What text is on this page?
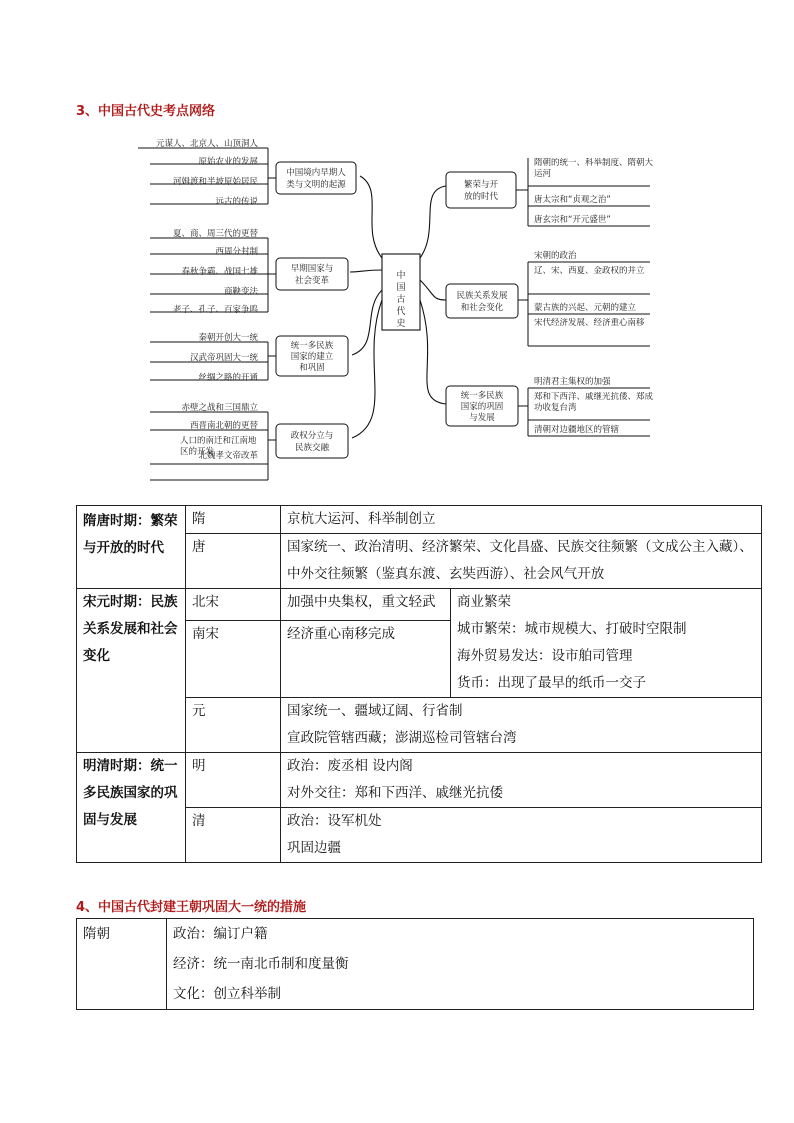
3、中国古代史考点网络
中国古代史
中国境内早期人
类与文明的起源
早期国家与
社会变革
统一多民族
国家的建立
和巩固
政权分立与
民族交融
元谋人、北京人、山顶洞人
原始农业的发展
河姆渡和半坡原始居民
远古的传说
夏、商、周三代的更替
西周分封制
春秋争霸、战国七雄
商鞅变法
老子、孔子、百家争鸣
秦朝开创大一统
汉武帝巩固大一统
丝绸之路的开通
赤壁之战和三国鼎立
西晋南北朝的更替
北魏孝文帝改革
人口的南迁和江南地区的开发
繁荣与开
放的时代
民族关系发展
和社会变化
统一多民族
国家的巩固
与发展
隋朝的统一、科举制度、隋朝大运河
唐太宗和“贞观之治”
唐玄宗和“开元盛世”
宋朝的政治
辽、宋、西夏、金政权的并立
蒙古族的兴起、元朝的建立
宋代经济发展、经济重心南移
明清君主集权的加强
郑和下西洋、戚继光抗倭、郑成功收复台湾
清朝对边疆地区的管辖
隋唐时期：繁荣与开放的时代	隋	京杭大运河、科举制创立	
	唐	国家统一、政治清明、经济繁荣、文化昌盛、民族交往频繁（文成公主入藏）、中外交往频繁（鉴真东渡、玄奘西游）、社会风气开放	
宋元时期：民族关系发展和社会变化	北宋	加强中央集权，重文轻武	商业繁荣
城市繁荣：城市规模大、打破时空限制
海外贸易发达：设市舶司管理
货币：出现了最早的纸币一交子

	南宋	经济重心南移完成	
	元	国家统一、疆域辽阔、行省制
宣政院管辖西藏；澎湖巡检司管辖台湾	

明清时期：统一多民族国家的巩固与发展	明	政治：废丞相 设内阁
对外交往：郑和下西洋、戚继光抗倭	

	清	政治：设军机处
巩固边疆	
4、中国古代封建王朝巩固大一统的措施
隋朝	政治：编订户籍
经济：统一南北币制和度量衡
文化：创立科举制
